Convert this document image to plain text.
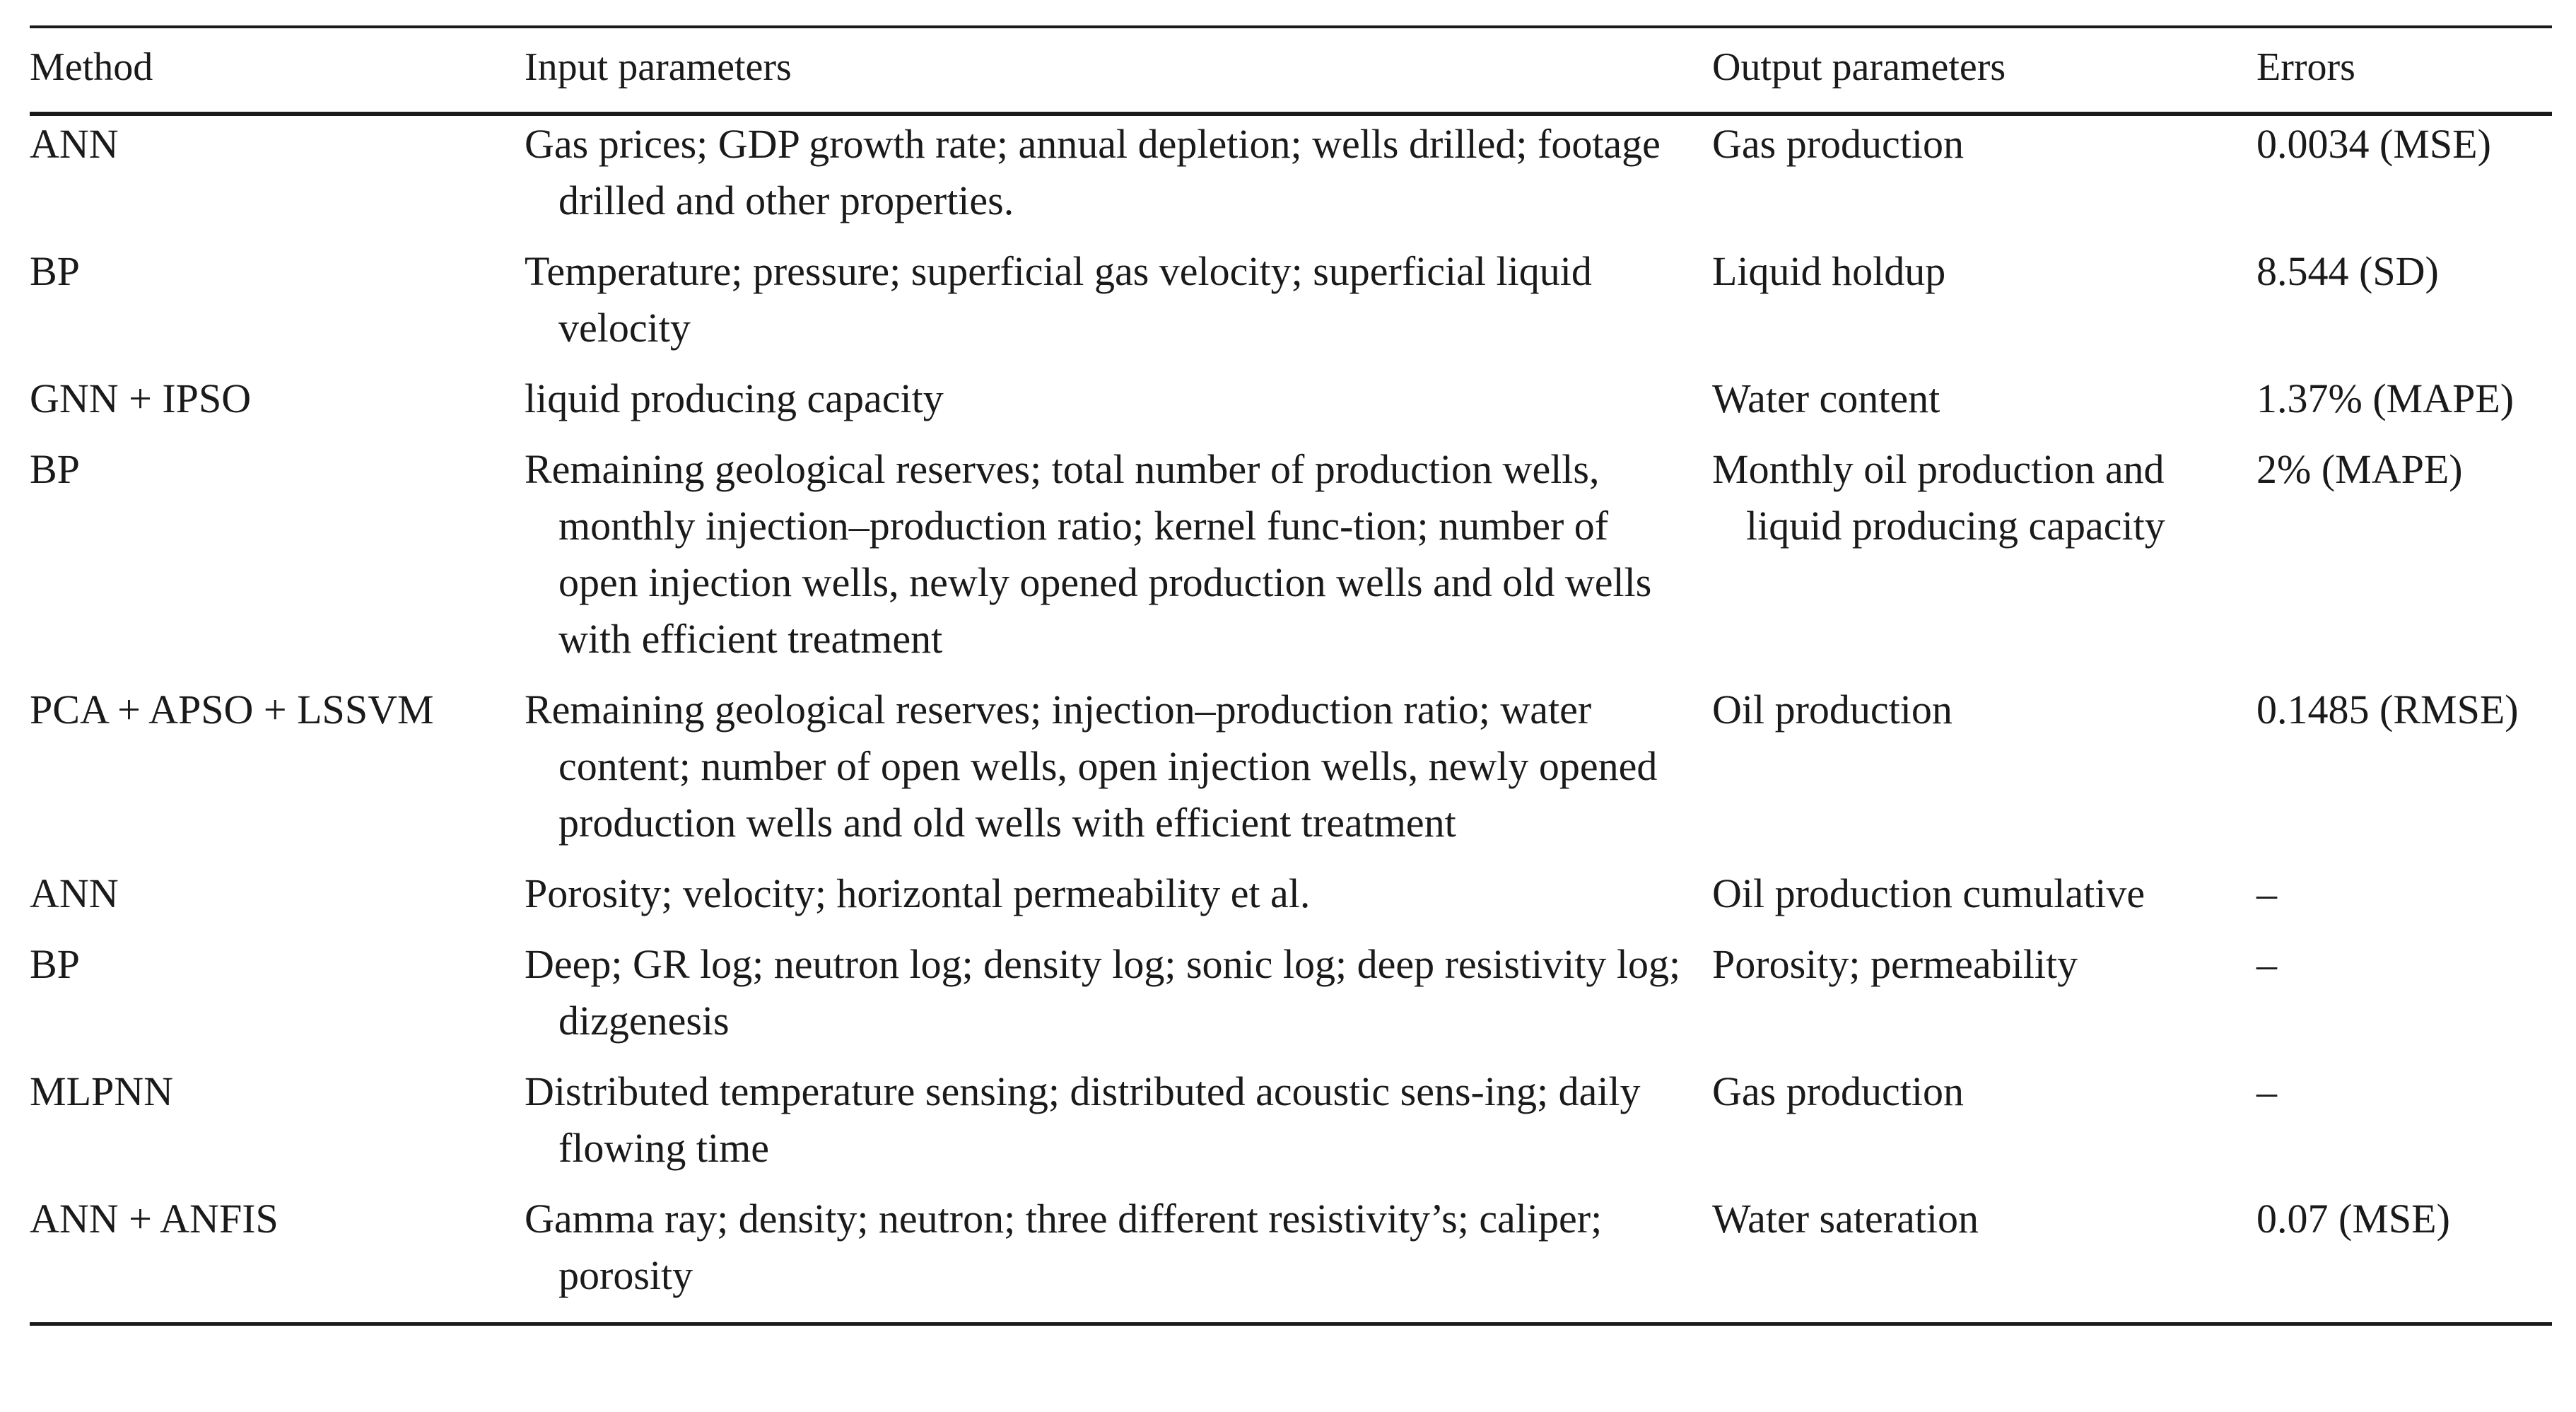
Method	Input parameters	Output parameters	Errors

ANN	Gas prices; GDP growth rate; annual depletion; wells drilled; footage drilled and other properties.	Gas production	0.0034 (MSE)
BP	Temperature; pressure; superficial gas velocity; superficial liquid velocity	Liquid holdup	8.544 (SD)
GNN + IPSO	liquid producing capacity	Water content	1.37% (MAPE)
BP	Remaining geological reserves; total number of production wells, monthly injection–production ratio; kernel func-tion; number of open injection wells, newly opened production wells and old wells with efficient treatment	Monthly oil production and liquid producing capacity	2% (MAPE)
PCA + APSO + LSSVM	Remaining geological reserves; injection–production ratio; water content; number of open wells, open injection wells, newly opened production wells and old wells with efficient treatment	Oil production	0.1485 (RMSE)
ANN	Porosity; velocity; horizontal permeability et al.	Oil production cumulative	–
BP	Deep; GR log; neutron log; density log; sonic log; deep resistivity log; dizgenesis	Porosity; permeability	–
MLPNN	Distributed temperature sensing; distributed acoustic sens-ing; daily flowing time	Gas production	–
ANN + ANFIS	Gamma ray; density; neutron; three different resistivity’s; caliper; porosity	Water sateration	0.07 (MSE)
